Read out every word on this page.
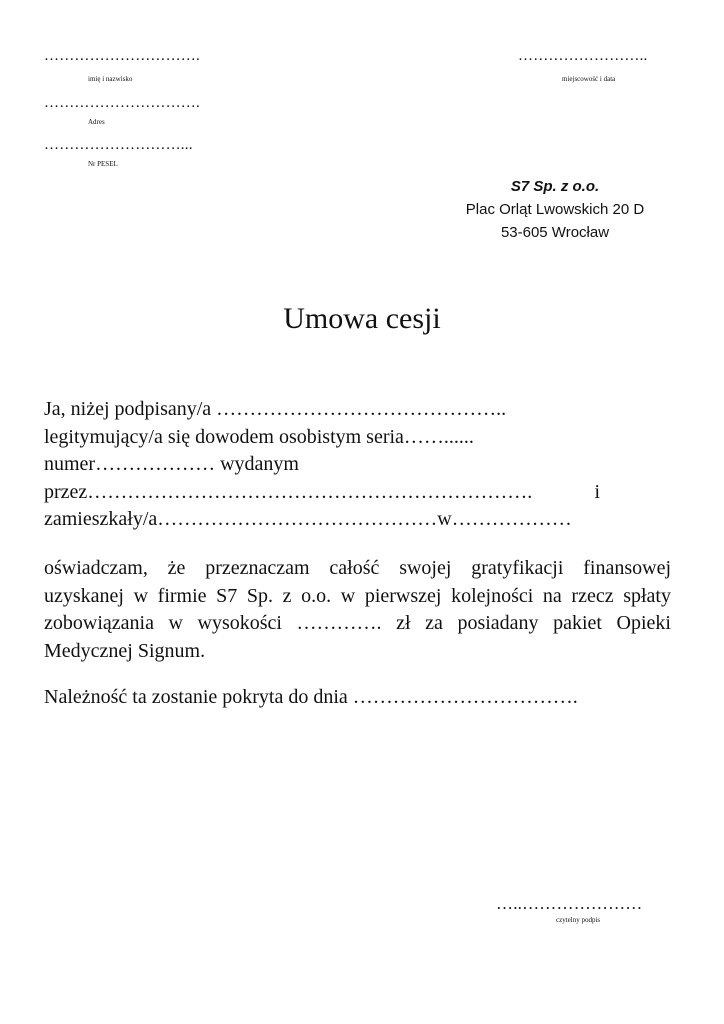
………………………….
imię i nazwisko
……………………..
miejscowość i data
………………………….
Adres
………………………...
Nr PESEL
S7 Sp. z o.o.
Plac Orląt Lwowskich 20 D
53-605 Wrocław
Umowa cesji
Ja, niżej podpisany/a ……………………………………..
legitymujący/a się dowodem osobistym seria……......
numer……………… wydanym
przez………………………………………………………….	i
zamieszkały/a……………………………………w………………
oświadczam, że przeznaczam całość swojej gratyfikacji finansowej
uzyskanej w firmie S7 Sp. z o.o. w pierwszej kolejności na rzecz spłaty
zobowiązania w wysokości …………. zł za posiadany pakiet Opieki
Medycznej Signum.
Należność ta zostanie pokryta do dnia …………………………….
…..…………………
czytelny podpis
